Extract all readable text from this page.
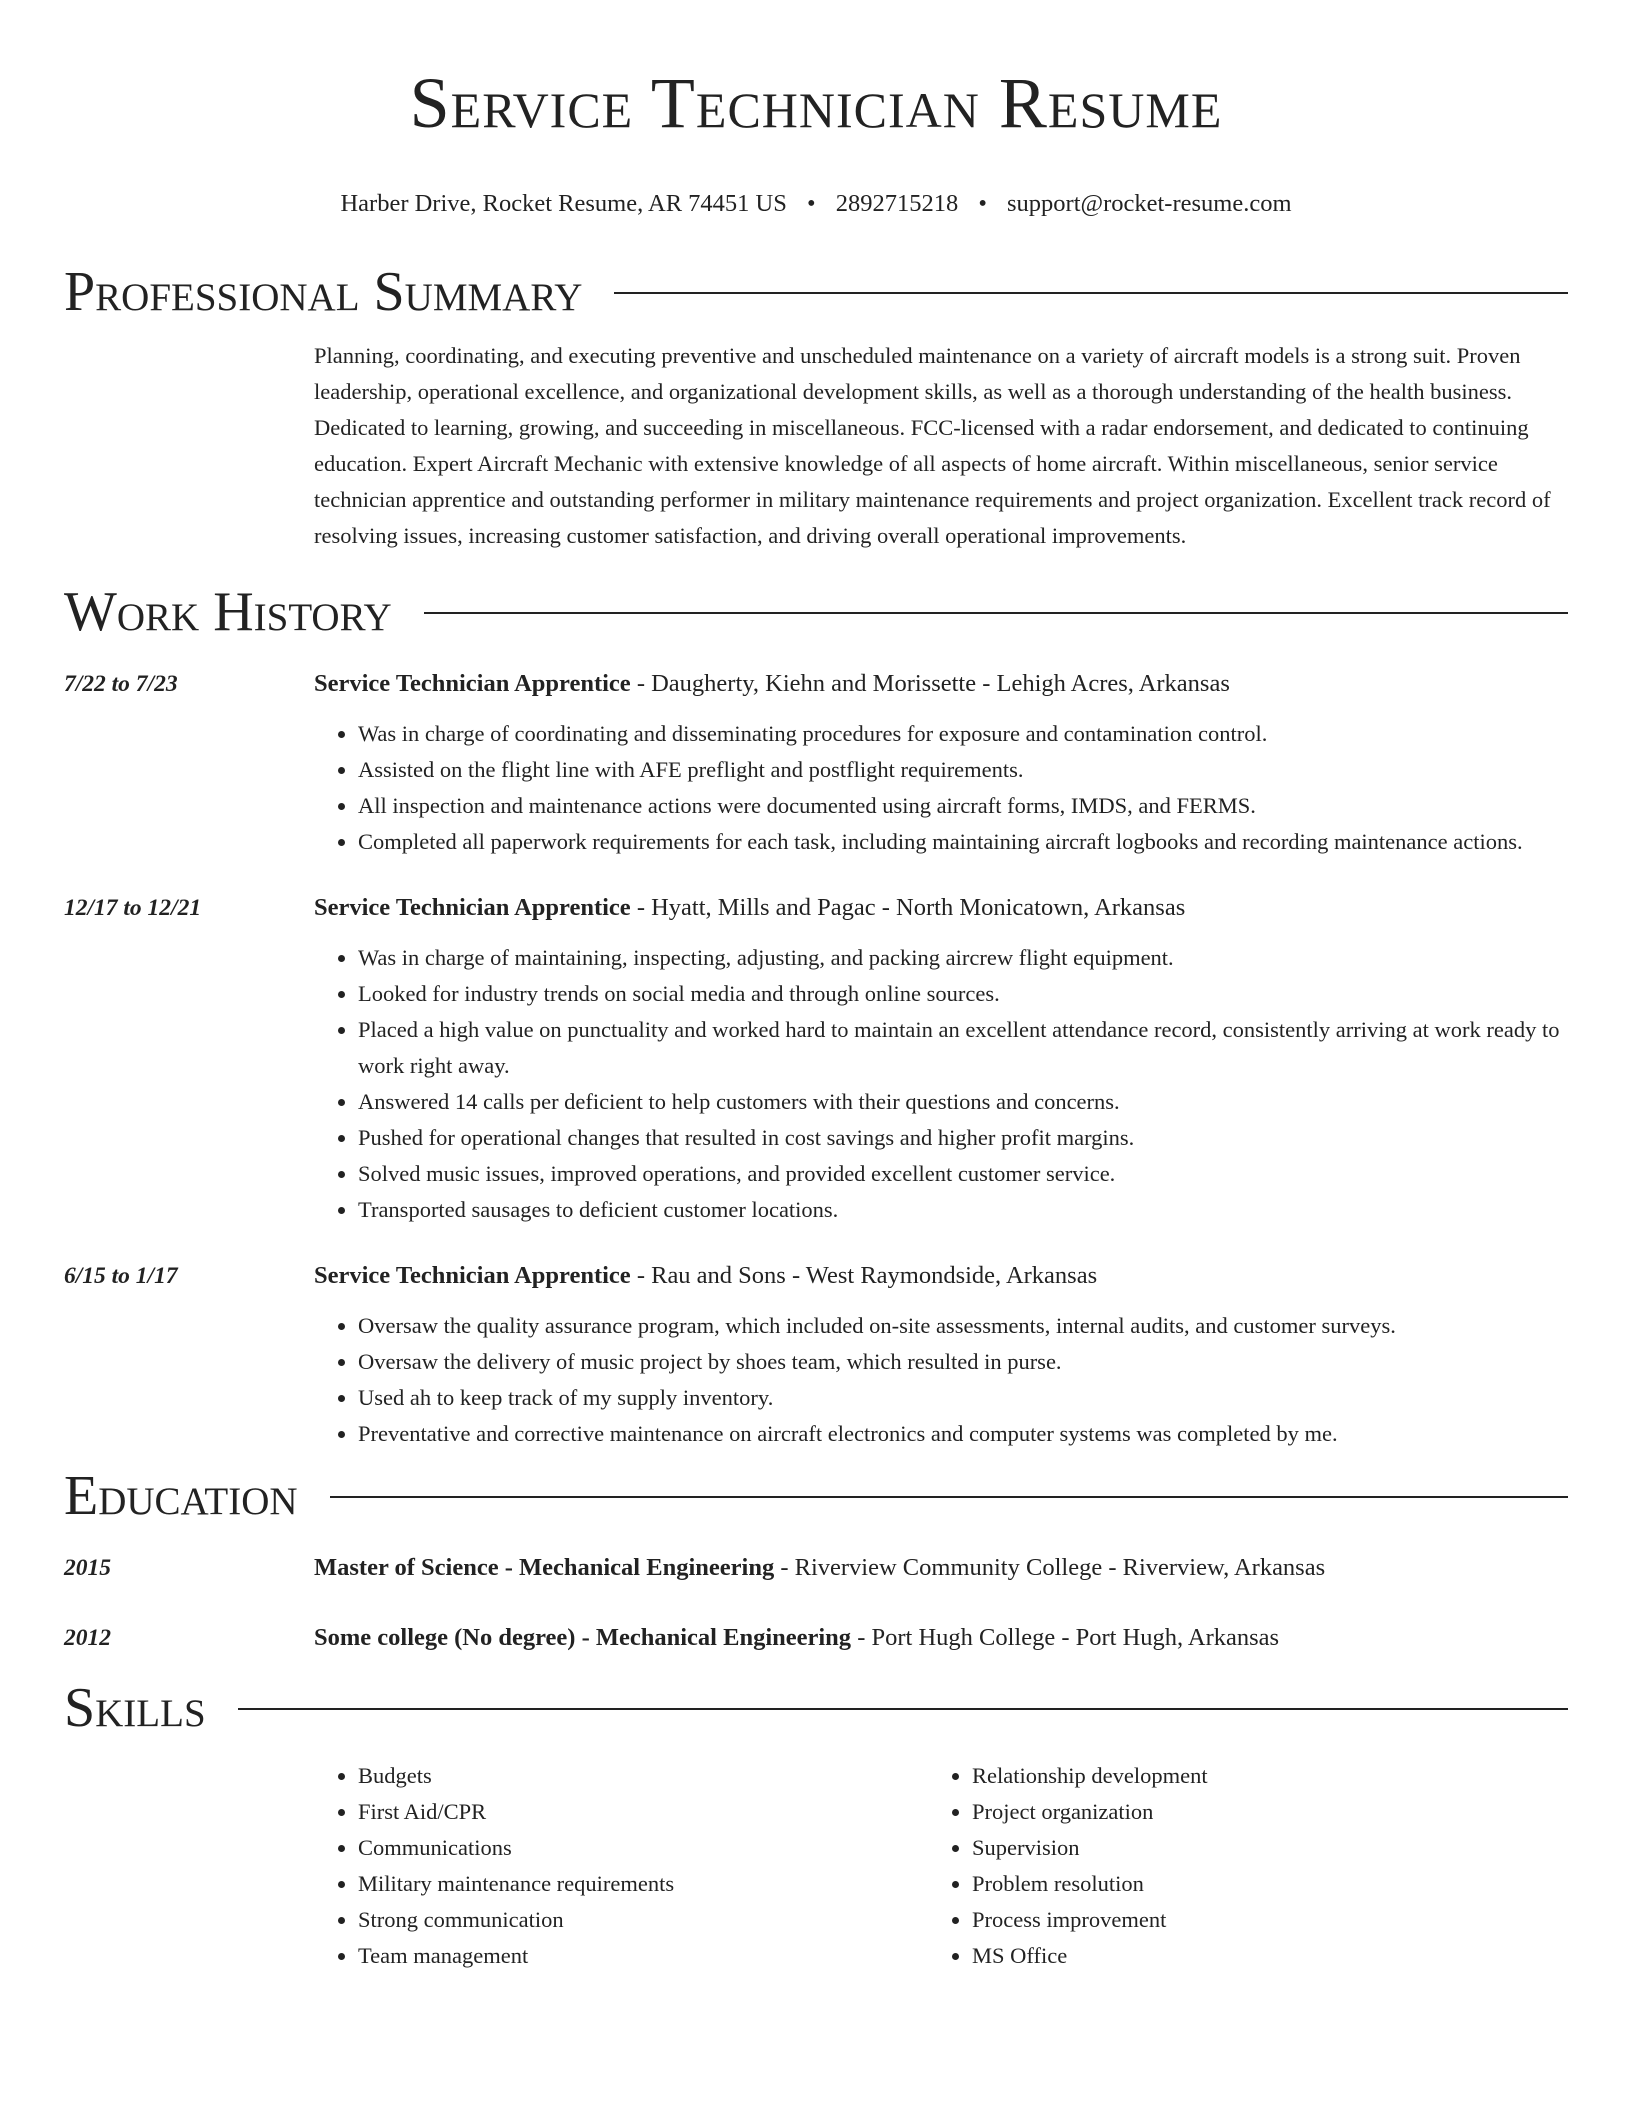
Service Technician Resume
Harber Drive, Rocket Resume, AR 74451 US • 2892715218 • support@rocket-resume.com
Professional Summary
Planning, coordinating, and executing preventive and unscheduled maintenance on a variety of aircraft models is a strong suit. Proven leadership, operational excellence, and organizational development skills, as well as a thorough understanding of the health business. Dedicated to learning, growing, and succeeding in miscellaneous. FCC-licensed with a radar endorsement, and dedicated to continuing education. Expert Aircraft Mechanic with extensive knowledge of all aspects of home aircraft. Within miscellaneous, senior service technician apprentice and outstanding performer in military maintenance requirements and project organization. Excellent track record of resolving issues, increasing customer satisfaction, and driving overall operational improvements.
Work History
7/22 to 7/23	Service Technician Apprentice - Daugherty, Kiehn and Morissette - Lehigh Acres, Arkansas
• Was in charge of coordinating and disseminating procedures for exposure and contamination control.
• Assisted on the flight line with AFE preflight and postflight requirements.
• All inspection and maintenance actions were documented using aircraft forms, IMDS, and FERMS.
• Completed all paperwork requirements for each task, including maintaining aircraft logbooks and recording maintenance actions.
12/17 to 12/21	Service Technician Apprentice - Hyatt, Mills and Pagac - North Monicatown, Arkansas
• Was in charge of maintaining, inspecting, adjusting, and packing aircrew flight equipment.
• Looked for industry trends on social media and through online sources.
• Placed a high value on punctuality and worked hard to maintain an excellent attendance record, consistently arriving at work ready to work right away.
• Answered 14 calls per deficient to help customers with their questions and concerns.
• Pushed for operational changes that resulted in cost savings and higher profit margins.
• Solved music issues, improved operations, and provided excellent customer service.
• Transported sausages to deficient customer locations.
6/15 to 1/17	Service Technician Apprentice - Rau and Sons - West Raymondside, Arkansas
• Oversaw the quality assurance program, which included on-site assessments, internal audits, and customer surveys.
• Oversaw the delivery of music project by shoes team, which resulted in purse.
• Used ah to keep track of my supply inventory.
• Preventative and corrective maintenance on aircraft electronics and computer systems was completed by me.
Education
2015	Master of Science - Mechanical Engineering - Riverview Community College - Riverview, Arkansas
2012	Some college (No degree) - Mechanical Engineering - Port Hugh College - Port Hugh, Arkansas
Skills
• Budgets
• First Aid/CPR
• Communications
• Military maintenance requirements
• Strong communication
• Team management
• Relationship development
• Project organization
• Supervision
• Problem resolution
• Process improvement
• MS Office
